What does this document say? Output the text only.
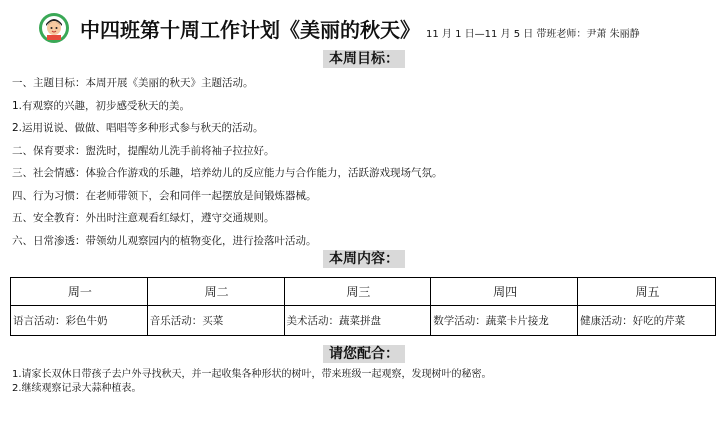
中四班第十周工作计划《美丽的秋天》 11 月 1 日—11 月 5 日 带班老师：尹萧 朱丽静
本周目标：
一、主题目标：本周开展《美丽的秋天》主题活动。
1.有观察的兴趣，初步感受秋天的美。
2.运用说说、做做、唱唱等多种形式参与秋天的活动。
二、保育要求：盥洗时，提醒幼儿洗手前将袖子拉拉好。
三、社会情感：体验合作游戏的乐趣，培养幼儿的反应能力与合作能力，活跃游戏现场气氛。
四、行为习惯：在老师带领下，会和同伴一起摆放是间锻炼器械。
五、安全教育：外出时注意观看红绿灯，遵守交通规则。
六、日常渗透：带领幼儿观察园内的植物变化，进行捡落叶活动。
本周内容：
周一	周二	周三	周四	周五
语言活动：彩色牛奶	音乐活动：买菜	美术活动：蔬菜拼盘	数学活动：蔬菜卡片接龙	健康活动：好吃的芹菜
请您配合：
1.请家长双休日带孩子去户外寻找秋天，并一起收集各种形状的树叶，带来班级一起观察，发现树叶的秘密。
2.继续观察记录大蒜种植表。
